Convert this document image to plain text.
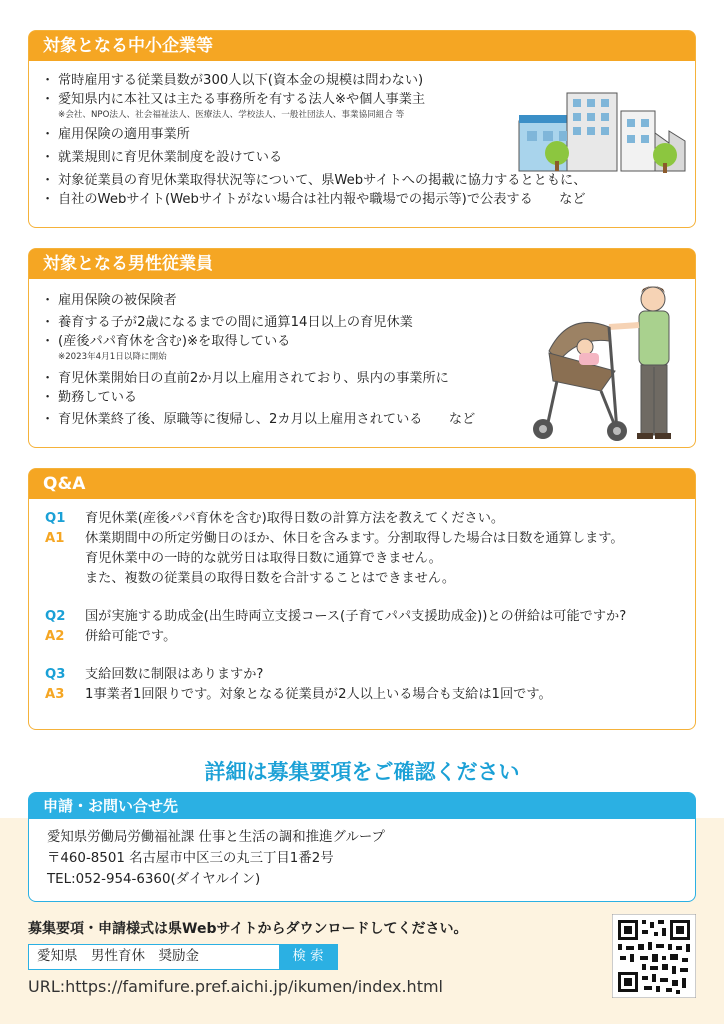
対象となる中小企業等
・ 常時雇用する従業員数が300人以下(資本金の規模は問わない)
・ 愛知県内に本社又は主たる事務所を有する法人※や個人事業主
※会社、NPO法人、社会福祉法人、医療法人、学校法人、一般社団法人、事業協同組合 等
・ 雇用保険の適用事業所
・ 就業規則に育児休業制度を設けている
・ 対象従業員の育児休業取得状況等について、県Webサイトへの掲載に協力するとともに、
・ 自社のWebサイト(Webサイトがない場合は社内報や職場での掲示等)で公表する　　など
対象となる男性従業員
・ 雇用保険の被保険者
・ 養育する子が2歳になるまでの間に通算14日以上の育児休業
・ (産後パパ育休を含む)※を取得している
※2023年4月1日以降に開始
・ 育児休業開始日の直前2か月以上雇用されており、県内の事業所に
・ 勤務している
・ 育児休業終了後、原職等に復帰し、2カ月以上雇用されている　　など
Q&A
Q1	育児休業(産後パパ育休を含む)取得日数の計算方法を教えてください。
A1	休業期間中の所定労働日のほか、休日を含みます。分割取得した場合は日数を通算します。
育児休業中の一時的な就労日は取得日数に通算できません。
また、複数の従業員の取得日数を合計することはできません。
Q2	国が実施する助成金(出生時両立支援コース(子育てパパ支援助成金))との併給は可能ですか?
A2	併給可能です。
Q3	支給回数に制限はありますか?
A3	1事業者1回限りです。対象となる従業員が2人以上いる場合も支給は1回です。
詳細は募集要項をご確認ください
申請・お問い合せ先
愛知県労働局労働福祉課 仕事と生活の調和推進グループ
〒460-8501 名古屋市中区三の丸三丁目1番2号
TEL:052-954-6360(ダイヤルイン)
募集要項・申請様式は県Webサイトからダウンロードしてください。
愛知県　男性育休　奨励金	検 索
URL:https://famifure.pref.aichi.jp/ikumen/index.html
